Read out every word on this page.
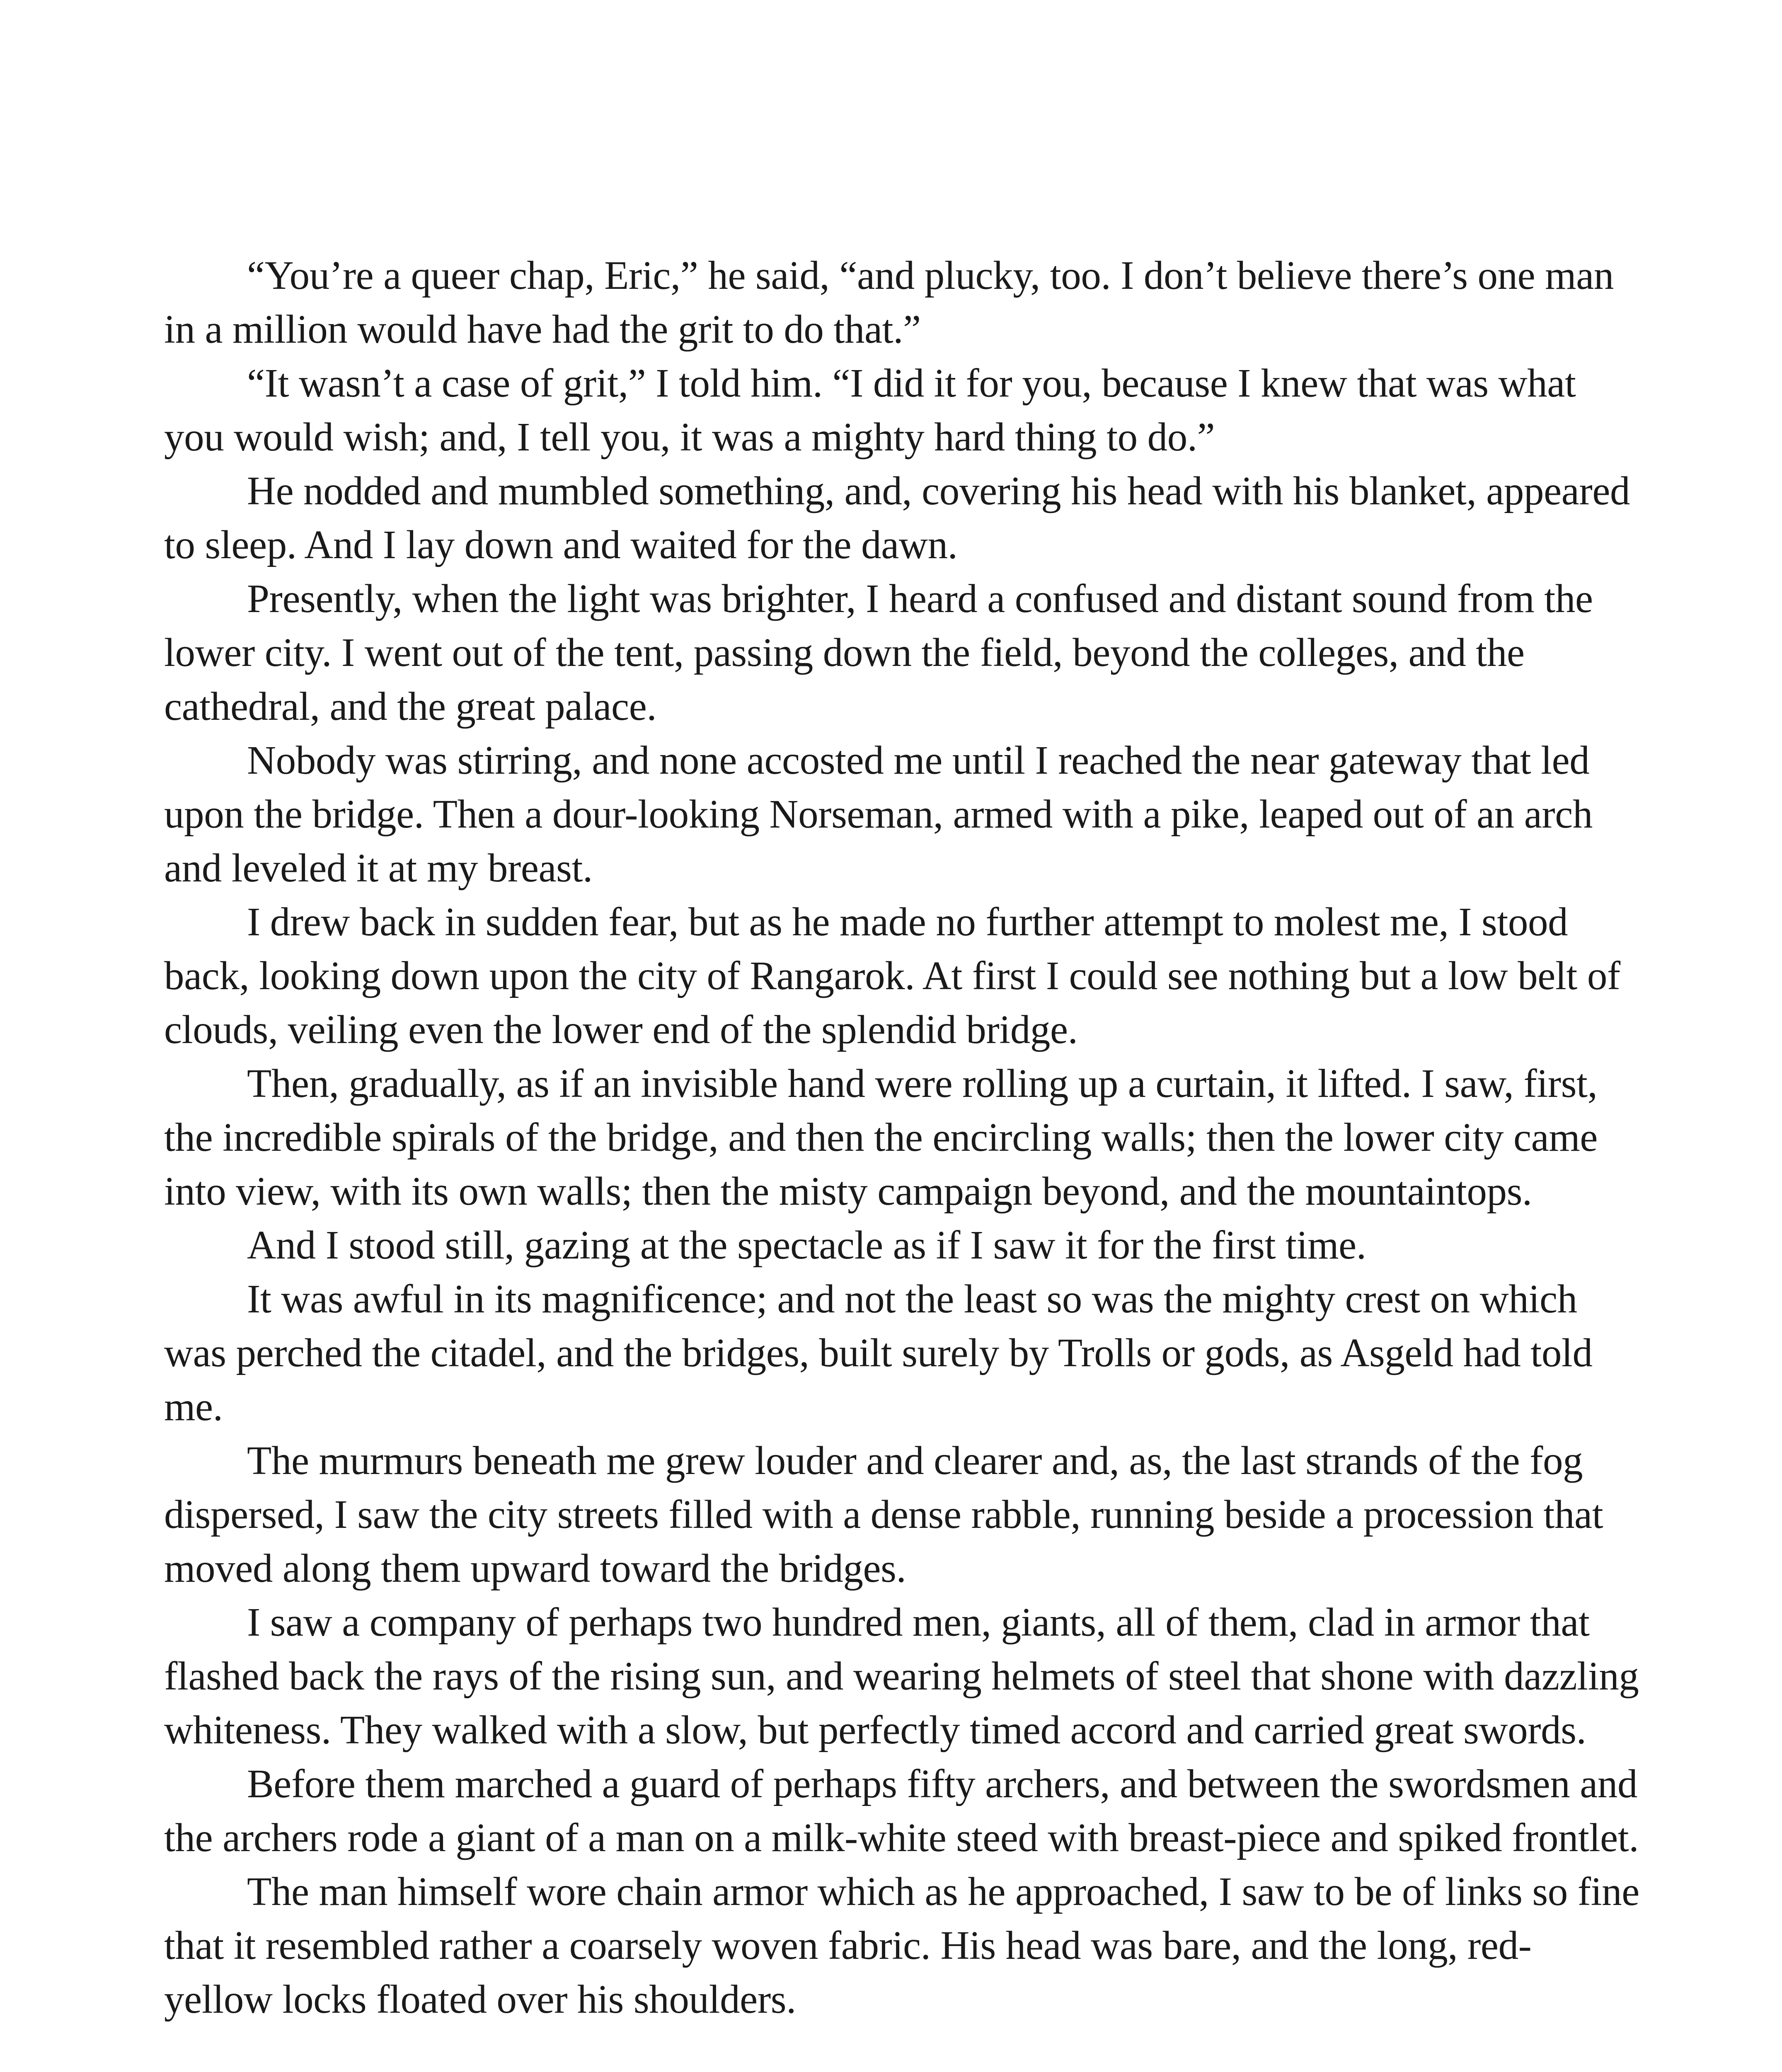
“You’re a queer chap, Eric,” he said, “and plucky, too. I don’t believe there’s one man in a million would have had the grit to do that.”

“It wasn’t a case of grit,” I told him. “I did it for you, because I knew that was what you would wish; and, I tell you, it was a mighty hard thing to do.”

He nodded and mumbled something, and, covering his head with his blanket, appeared to sleep. And I lay down and waited for the dawn.

Presently, when the light was brighter, I heard a confused and distant sound from the lower city. I went out of the tent, passing down the field, beyond the colleges, and the cathedral, and the great palace.

Nobody was stirring, and none accosted me until I reached the near gateway that led upon the bridge. Then a dour-looking Norseman, armed with a pike, leaped out of an arch and leveled it at my breast.

I drew back in sudden fear, but as he made no further attempt to molest me, I stood back, looking down upon the city of Rangarok. At first I could see nothing but a low belt of clouds, veiling even the lower end of the splendid bridge.

Then, gradually, as if an invisible hand were rolling up a curtain, it lifted. I saw, first, the incredible spirals of the bridge, and then the encircling walls; then the lower city came into view, with its own walls; then the misty campaign beyond, and the mountaintops.

And I stood still, gazing at the spectacle as if I saw it for the first time.

It was awful in its magnificence; and not the least so was the mighty crest on which was perched the citadel, and the bridges, built surely by Trolls or gods, as Asgeld had told me.

The murmurs beneath me grew louder and clearer and, as, the last strands of the fog dispersed, I saw the city streets filled with a dense rabble, running beside a procession that moved along them upward toward the bridges.

I saw a company of perhaps two hundred men, giants, all of them, clad in armor that flashed back the rays of the rising sun, and wearing helmets of steel that shone with dazzling whiteness. They walked with a slow, but perfectly timed accord and carried great swords.

Before them marched a guard of perhaps fifty archers, and between the swordsmen and the archers rode a giant of a man on a milk-white steed with breast-piece and spiked frontlet.

The man himself wore chain armor which as he approached, I saw to be of links so fine that it resembled rather a coarsely woven fabric. His head was bare, and the long, red-yellow locks floated over his shoulders.
